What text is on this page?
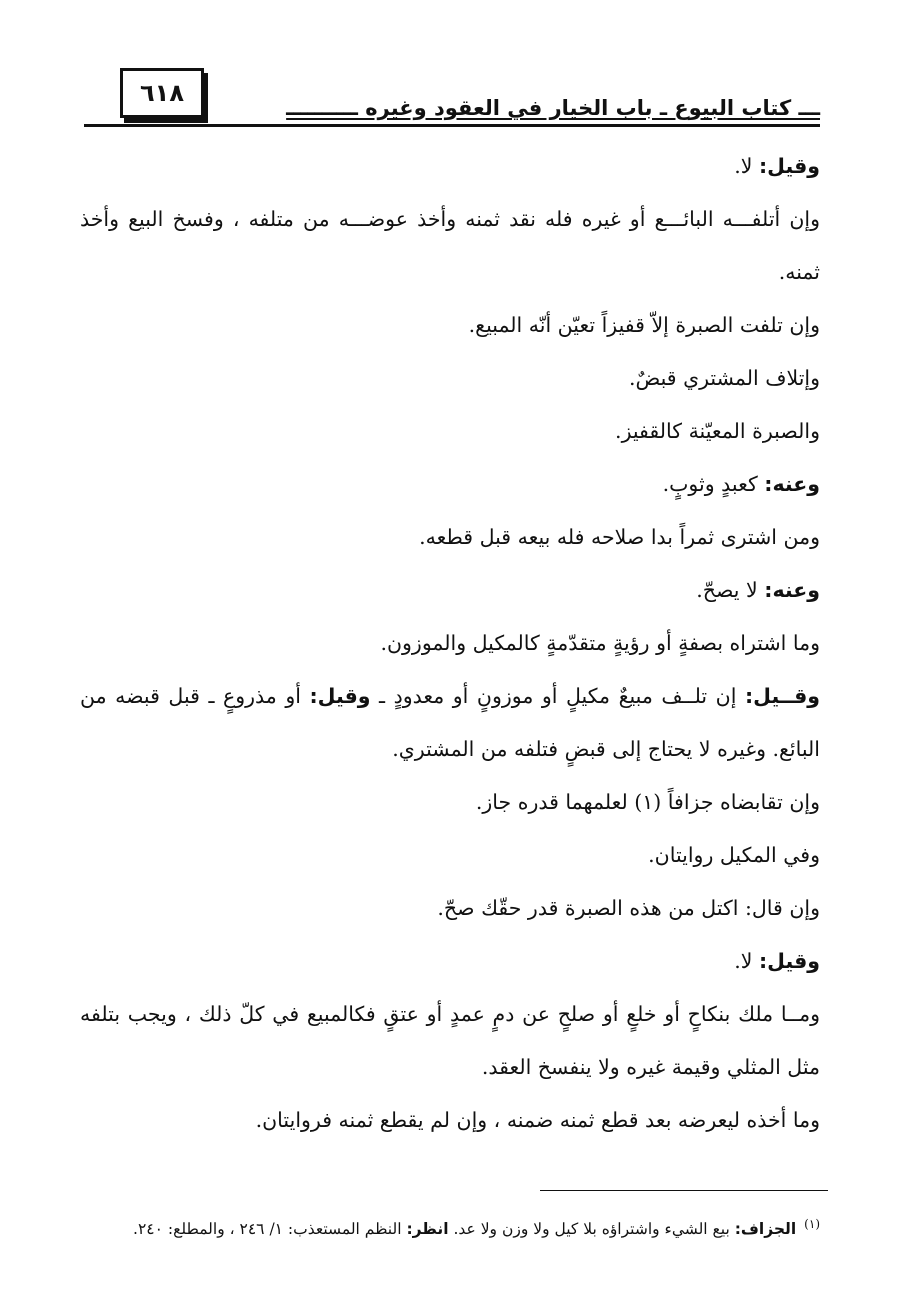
٦١٨
ـــ كتاب البيوع ـ باب الخيار في العقود وغيره ــــــــــ

وقيل: لا.

وإن أتلفـــه البائـــع أو غيره فله نقد ثمنه وأخذ عوضـــه من متلفه ، وفسخ البيع وأخذ ثمنه.

وإن تلفت الصبرة إلاّ قفيزاً تعيّن أنّه المبيع.

وإتلاف المشتري قبضٌ.

والصبرة المعيّنة كالقفيز.

وعنه: كعبدٍ وثوبٍ.

ومن اشترى ثمراً بدا صلاحه فله بيعه قبل قطعه.

وعنه: لا يصحّ.

وما اشتراه بصفةٍ أو رؤيةٍ متقدّمةٍ كالمكيل والموزون.

وقــيل: إن تلــف مبيعٌ مكيلٍ أو موزونٍ أو معدودٍ ـ وقيل: أو مذروعٍ ـ قبل قبضه من البائع. وغيره لا يحتاج إلى قبضٍ فتلفه من المشتري.

وإن تقابضاه جزافاً (١) لعلمهما قدره جاز.

وفي المكيل روايتان.

وإن قال: اكتل من هذه الصبرة قدر حقّك صحّ.

وقيل: لا.

ومــا ملك بنكاحٍ أو خلعٍ أو صلحٍ عن دمٍ عمدٍ أو عتقٍ فكالمبيع في كلّ ذلك ، ويجب بتلفه مثل المثلي وقيمة غيره ولا ينفسخ العقد.

وما أخذه ليعرضه بعد قطع ثمنه ضمنه ، وإن لم يقطع ثمنه فروايتان.

$^{(١)}$الجزاف: بيع الشيء واشتراؤه بلا كيل ولا وزن ولا عد. انظر: النظم المستعذب: ١/ ٢٤٦ ، والمطلع: ٢٤٠.
